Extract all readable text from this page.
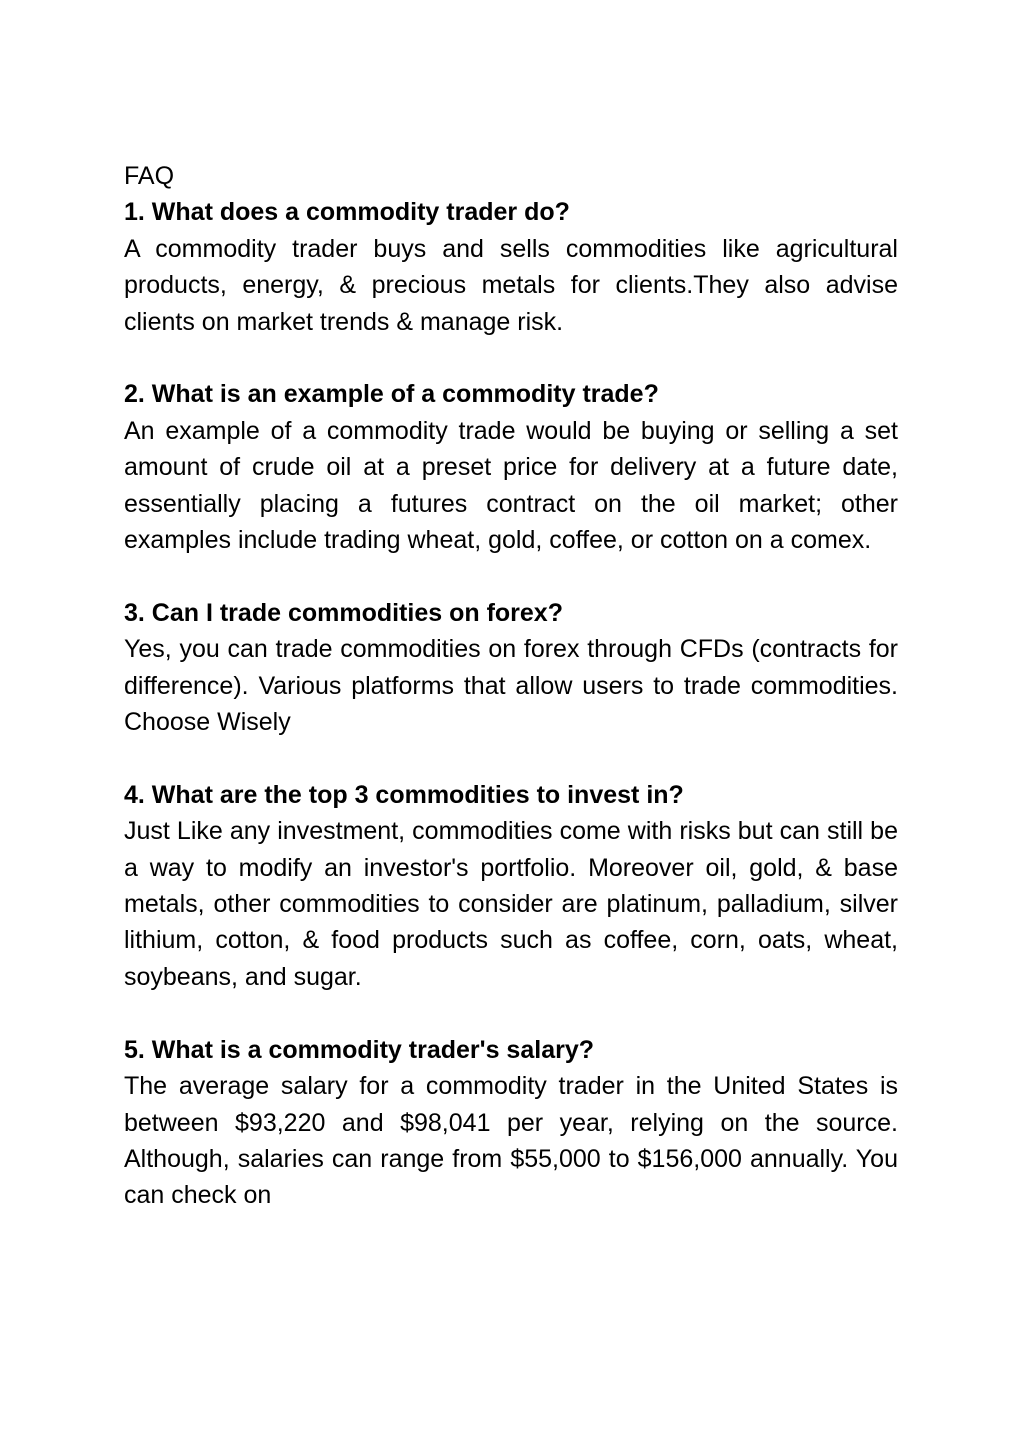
FAQ
1. What does a commodity trader do?

A commodity trader buys and sells commodities like agricultural products, energy, & precious metals for clients.They also advise clients on market trends & manage risk.

2. What is an example of a commodity trade?

An example of a commodity trade would be buying or selling a set amount of crude oil at a preset price for delivery at a future date, essentially placing a futures contract on the oil market; other examples include trading wheat, gold, coffee, or cotton on a comex.

3. Can I trade commodities on forex?

Yes, you can trade commodities on forex through CFDs (contracts for difference). Various platforms that allow users to trade commodities. Choose Wisely

4. What are the top 3 commodities to invest in?

Just Like any investment, commodities come with risks but can still be a way to modify an investor's portfolio. Moreover oil, gold, & base metals, other commodities to consider are platinum, palladium, silver lithium, cotton, & food products such as coffee, corn, oats, wheat, soybeans, and sugar.

5. What is a commodity trader's salary?

The average salary for a commodity trader in the United States is between $93,220 and $98,041 per year, relying on the source. Although, salaries can range from $55,000 to $156,000 annually. You can check on
